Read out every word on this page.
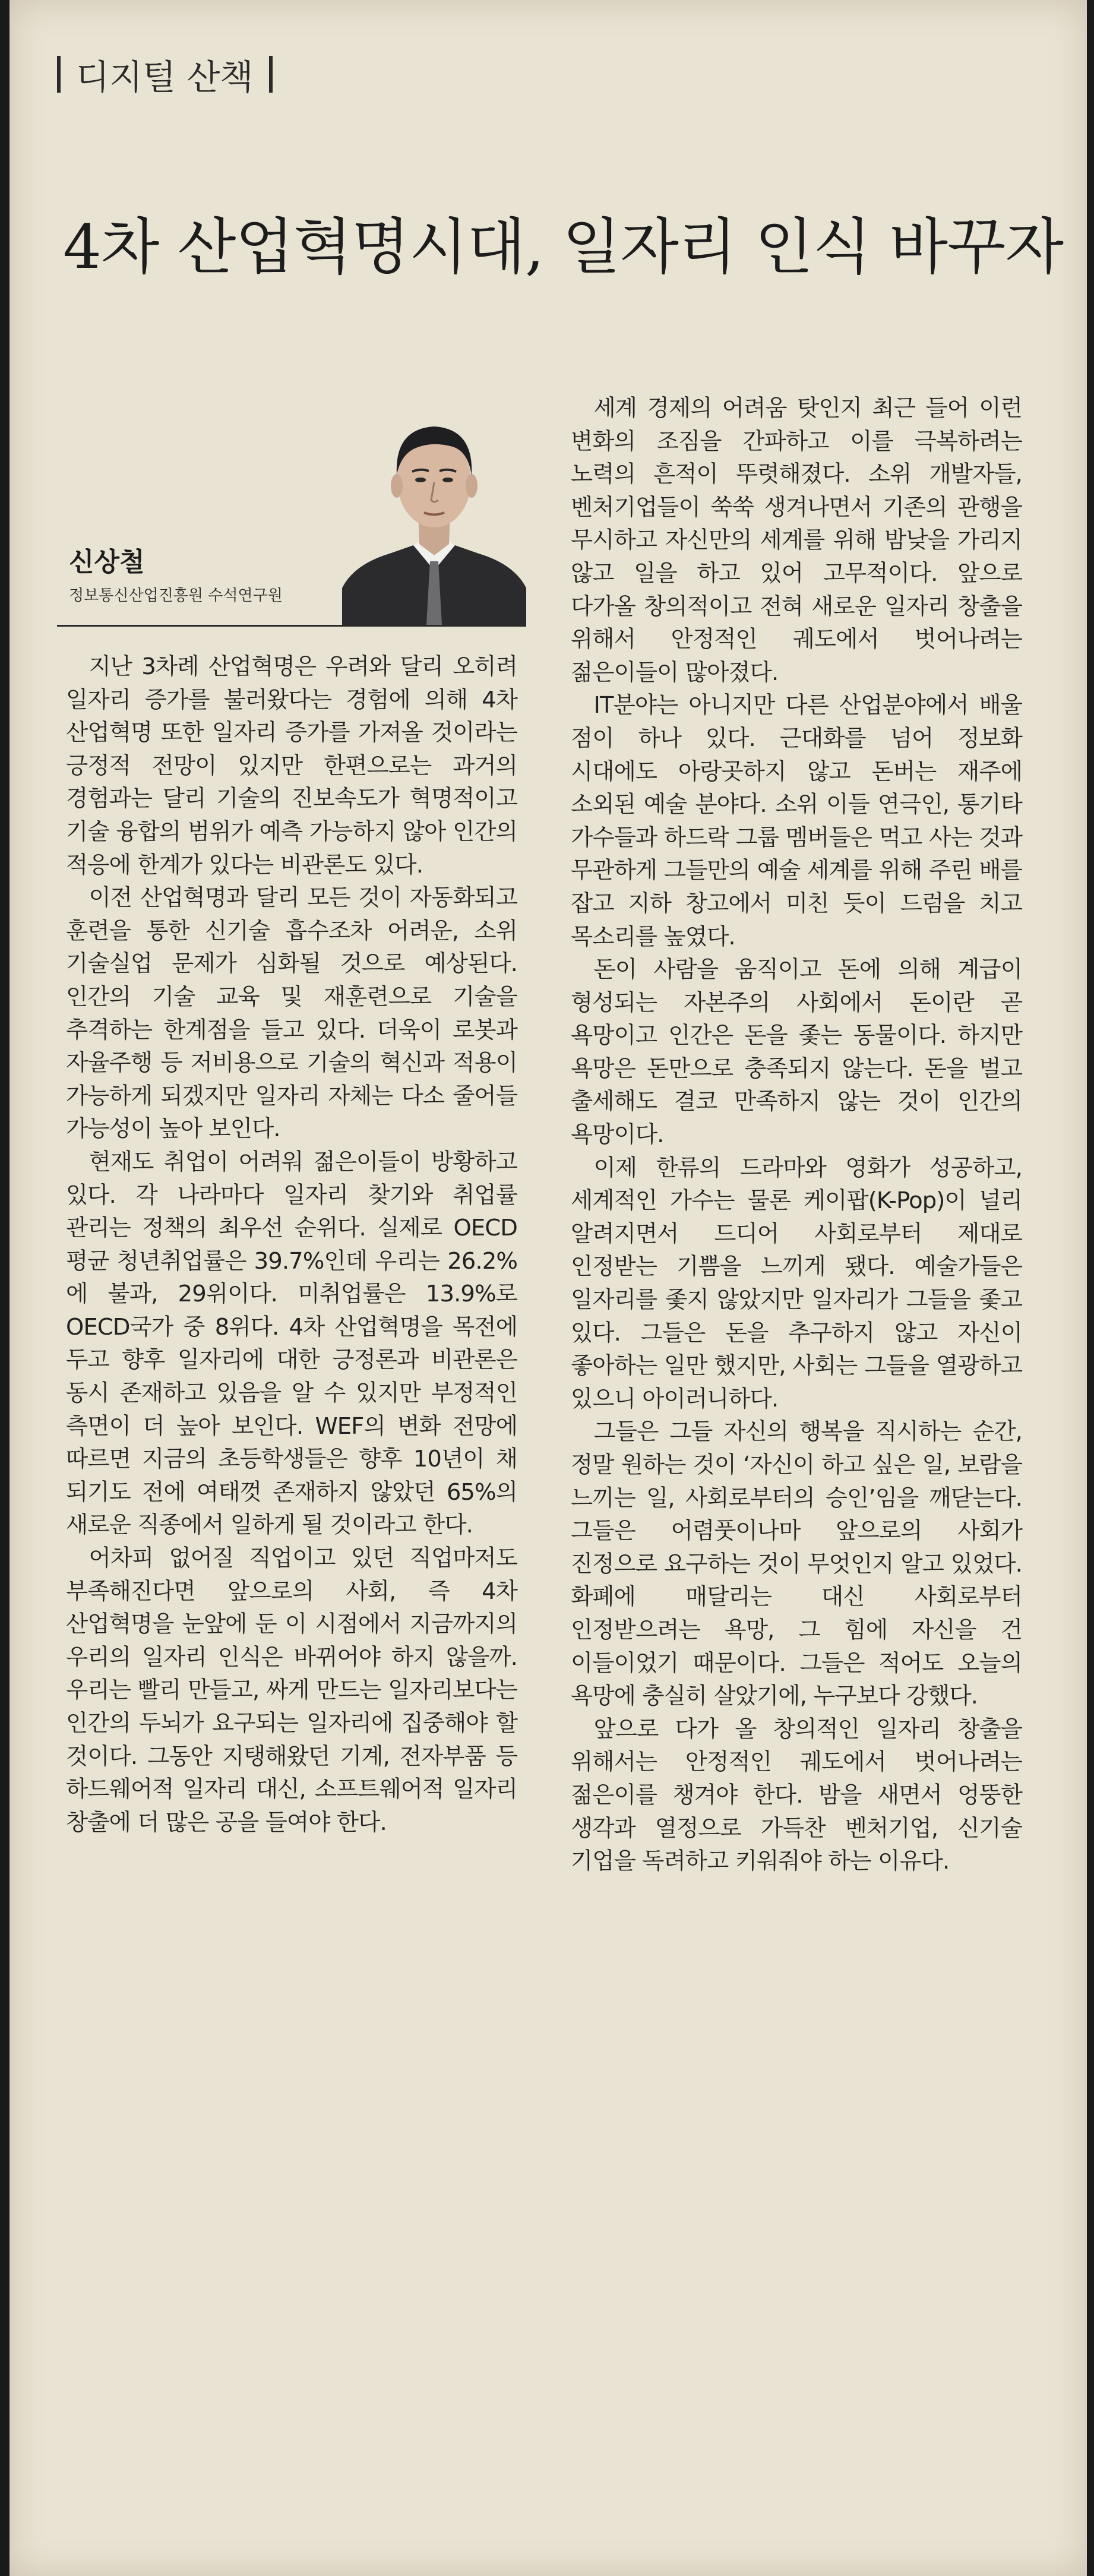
디지털 산책
4차 산업혁명시대, 일자리 인식 바꾸자
신상철
정보통신산업진흥원 수석연구원

지난 3차례 산업혁명은 우려와 달리 오히려 일자리 증가를 불러왔다는 경험에 의해 4차 산업혁명 또한 일자리 증가를 가져올 것이라는 긍정적 전망이 있지만 한편으로는 과거의 경험과는 달리 기술의 진보속도가 혁명적이고 기술 융합의 범위가 예측 가능하지 않아 인간의 적응에 한계가 있다는 비관론도 있다.

이전 산업혁명과 달리 모든 것이 자동화되고 훈련을 통한 신기술 흡수조차 어려운, 소위 기술실업 문제가 심화될 것으로 예상된다. 인간의 기술 교육 및 재훈련으로 기술을 추격하는 한계점을 들고 있다. 더욱이 로봇과 자율주행 등 저비용으로 기술의 혁신과 적용이 가능하게 되겠지만 일자리 자체는 다소 줄어들 가능성이 높아 보인다.

현재도 취업이 어려워 젊은이들이 방황하고 있다. 각 나라마다 일자리 찾기와 취업률 관리는 정책의 최우선 순위다. 실제로 OECD 평균 청년취업률은 39.7%인데 우리는 26.2%에 불과, 29위이다. 미취업률은 13.9%로 OECD국가 중 8위다. 4차 산업혁명을 목전에 두고 향후 일자리에 대한 긍정론과 비관론은 동시 존재하고 있음을 알 수 있지만 부정적인 측면이 더 높아 보인다. WEF의 변화 전망에 따르면 지금의 초등학생들은 향후 10년이 채 되기도 전에 여태껏 존재하지 않았던 65%의 새로운 직종에서 일하게 될 것이라고 한다.

어차피 없어질 직업이고 있던 직업마저도 부족해진다면 앞으로의 사회, 즉 4차 산업혁명을 눈앞에 둔 이 시점에서 지금까지의 우리의 일자리 인식은 바뀌어야 하지 않을까. 우리는 빨리 만들고, 싸게 만드는 일자리보다는 인간의 두뇌가 요구되는 일자리에 집중해야 할 것이다. 그동안 지탱해왔던 기계, 전자부품 등 하드웨어적 일자리 대신, 소프트웨어적 일자리 창출에 더 많은 공을 들여야 한다.

세계 경제의 어려움 탓인지 최근 들어 이런 변화의 조짐을 간파하고 이를 극복하려는 노력의 흔적이 뚜렷해졌다. 소위 개발자들, 벤처기업들이 쑥쑥 생겨나면서 기존의 관행을 무시하고 자신만의 세계를 위해 밤낮을 가리지 않고 일을 하고 있어 고무적이다. 앞으로 다가올 창의적이고 전혀 새로운 일자리 창출을 위해서 안정적인 궤도에서 벗어나려는 젊은이들이 많아졌다.

IT분야는 아니지만 다른 산업분야에서 배울 점이 하나 있다. 근대화를 넘어 정보화 시대에도 아랑곳하지 않고 돈버는 재주에 소외된 예술 분야다. 소위 이들 연극인, 통기타 가수들과 하드락 그룹 멤버들은 먹고 사는 것과 무관하게 그들만의 예술 세계를 위해 주린 배를 잡고 지하 창고에서 미친 듯이 드럼을 치고 목소리를 높였다.

돈이 사람을 움직이고 돈에 의해 계급이 형성되는 자본주의 사회에서 돈이란 곧 욕망이고 인간은 돈을 좇는 동물이다. 하지만 욕망은 돈만으로 충족되지 않는다. 돈을 벌고 출세해도 결코 만족하지 않는 것이 인간의 욕망이다.

이제 한류의 드라마와 영화가 성공하고, 세계적인 가수는 물론 케이팝(K-Pop)이 널리 알려지면서 드디어 사회로부터 제대로 인정받는 기쁨을 느끼게 됐다. 예술가들은 일자리를 좇지 않았지만 일자리가 그들을 좇고 있다. 그들은 돈을 추구하지 않고 자신이 좋아하는 일만 했지만, 사회는 그들을 열광하고 있으니 아이러니하다.

그들은 그들 자신의 행복을 직시하는 순간, 정말 원하는 것이 ‘자신이 하고 싶은 일, 보람을 느끼는 일, 사회로부터의 승인’임을 깨닫는다. 그들은 어렴풋이나마 앞으로의 사회가 진정으로 요구하는 것이 무엇인지 알고 있었다. 화폐에 매달리는 대신 사회로부터 인정받으려는 욕망, 그 힘에 자신을 건 이들이었기 때문이다. 그들은 적어도 오늘의 욕망에 충실히 살았기에, 누구보다 강했다.

앞으로 다가 올 창의적인 일자리 창출을 위해서는 안정적인 궤도에서 벗어나려는 젊은이를 챙겨야 한다. 밤을 새면서 엉뚱한 생각과 열정으로 가득찬 벤처기업, 신기술 기업을 독려하고 키워줘야 하는 이유다.
